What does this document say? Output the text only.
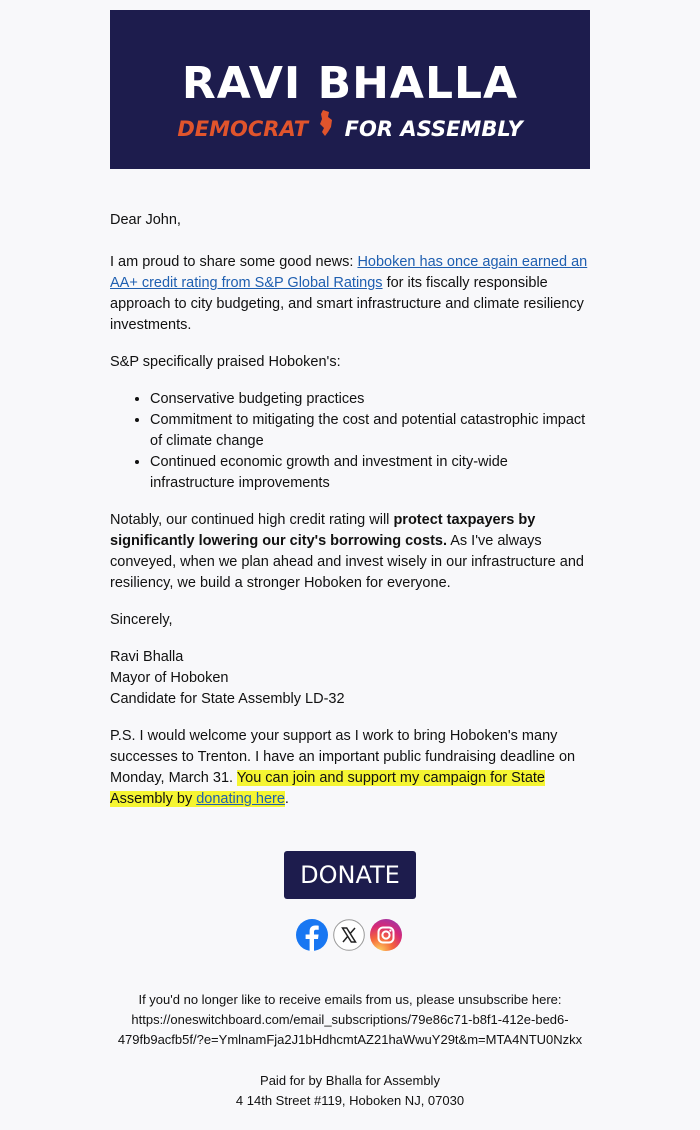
RAVI BHALLA
DEMOCRAT FOR ASSEMBLY

Dear John,

I am proud to share some good news: Hoboken has once again earned an AA+ credit rating from S&P Global Ratings for its fiscally responsible approach to city budgeting, and smart infrastructure and climate resiliency investments.

S&P specifically praised Hoboken's:

• Conservative budgeting practices
• Commitment to mitigating the cost and potential catastrophic impact of climate change
• Continued economic growth and investment in city-wide infrastructure improvements

Notably, our continued high credit rating will protect taxpayers by significantly lowering our city's borrowing costs. As I've always conveyed, when we plan ahead and invest wisely in our infrastructure and resiliency, we build a stronger Hoboken for everyone.

Sincerely,

Ravi Bhalla
Mayor of Hoboken
Candidate for State Assembly LD-32

P.S. I would welcome your support as I work to bring Hoboken's many successes to Trenton. I have an important public fundraising deadline on Monday, March 31. You can join and support my campaign for State Assembly by donating here.

DONATE
If you'd no longer like to receive emails from us, please unsubscribe here:
https://oneswitchboard.com/email_subscriptions/79e86c71-b8f1-412e-bed6-
479fb9acfb5f/?e=YmlnamFja2J1bHdhcmtAZ21haWwuY29t&m=MTA4NTU0Nzkx
Paid for by Bhalla for Assembly
4 14th Street #119, Hoboken NJ, 07030
